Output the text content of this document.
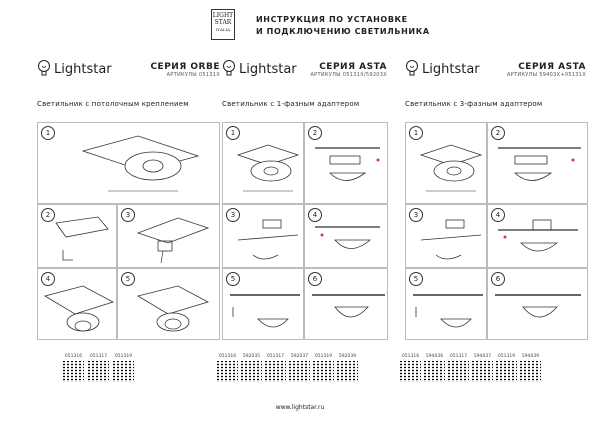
LIGHT
STAR
ITALIA
ИНСТРУКЦИЯ ПО УСТАНОВКЕ
И ПОДКЛЮЧЕНИЮ СВЕТИЛЬНИКА
Lightstar	СЕРИЯ ORBE
АРТИКУЛЫ 05131X
Светильник с потолочным креплением
1
2	3
4	5
051316 051317 051319
Lightstar	СЕРИЯ ASTA
АРТИКУЛЫ 05131X/59203X
Светильник с 1-фазным адаптером
1	2
3	4
5	6
051316 592035 051317 592037 051319 592039
Lightstar	СЕРИЯ ASTA
АРТИКУЛЫ 59403X+05131X
Светильник с 3-фазным адаптером
1	2
3	4
5	6
051316 594036 051317 594037 051319 594039
www.lightstar.ru
